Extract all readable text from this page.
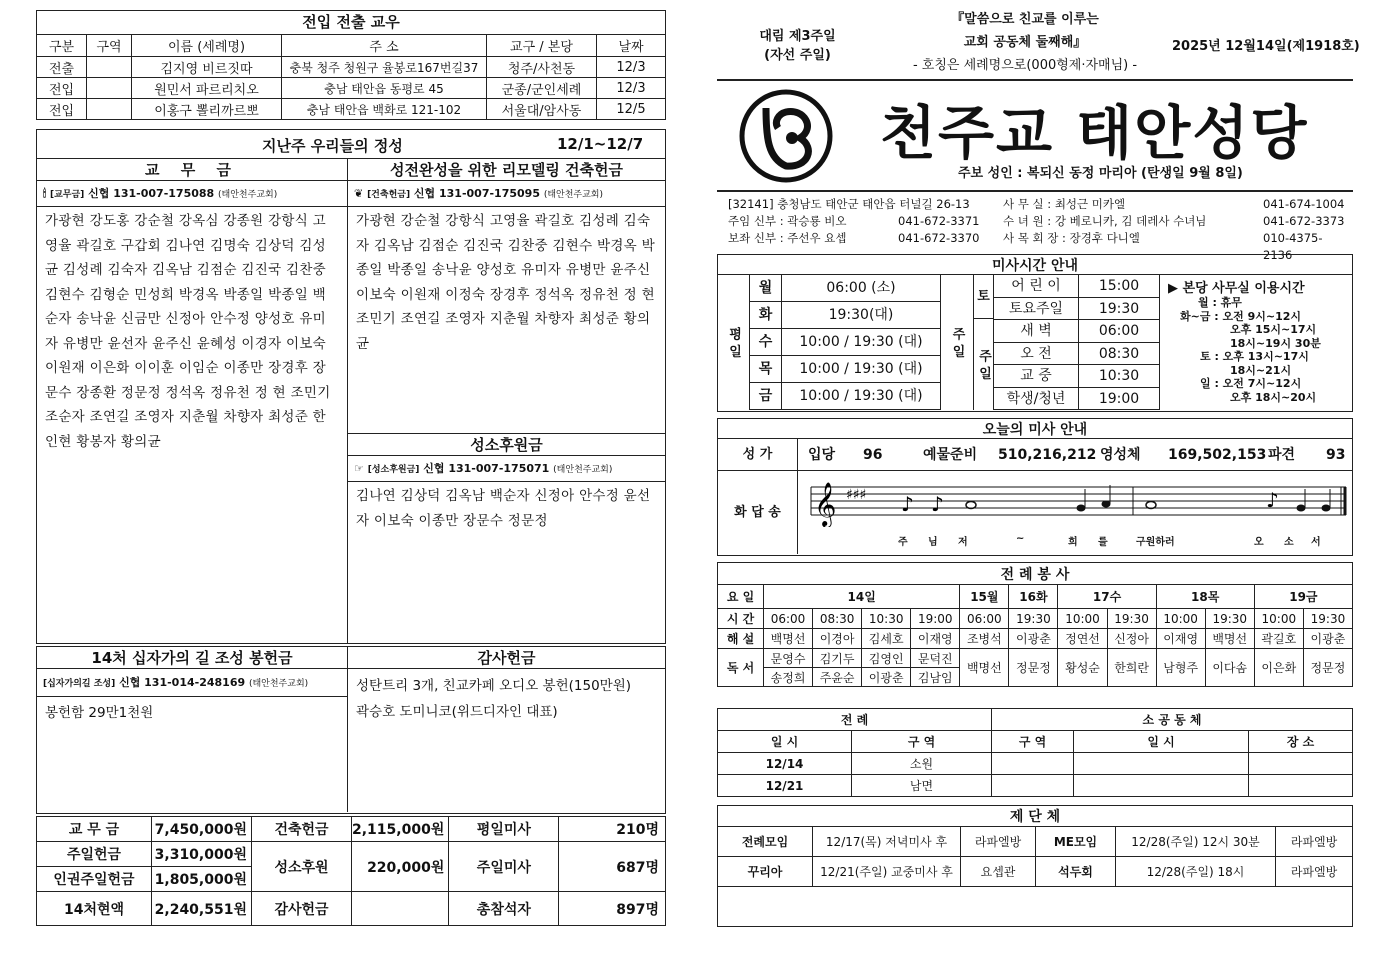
전입 전출 교우
구분	구역	이름 (세례명)	주 소	교구 / 본당	날짜
전출		김지영 비르짓따	충북 청주 청원구 율봉로167번길37	청주/사천동	12/3
전입		원민서 파르리치오	충남 태안읍 동평로 45	군종/군인세례	12/3
전입		이홍구 뽈리까르뽀	충남 태안읍 백화로 121-102	서울대/암사동	12/5
지난주 우리들의 정성	12/1~12/7
교 무 금
🕯 [교무금] 신협 131-007-175088 (태안천주교회)
가광현 강도홍 강순철 강옥심 강종원 강항식 고영율 곽길호 구갑회 김나연 김명숙 김상덕 김성균 김성례 김숙자 김옥남 김점순 김진국 김찬중 김현수 김형순 민성희 박경옥 박종일 박종일 백순자 송낙윤 신금만 신정아 안수정 양성호 유미자 유병만 윤선자 윤주신 윤혜성 이경자 이보숙 이원재 이은화 이이훈 이임순 이종만 장경후 장문수 장종환 정문정 정석옥 정유천 정 현 조민기 조순자 조연길 조영자 지춘월 차향자 최성준 한인현 황봉자 황의균
성전완성을 위한 리모델링 건축헌금
❦ [건축헌금] 신협 131-007-175095 (태안천주교회)
가광현 강순철 강항식 고영율 곽길호 김성례 김숙자 김옥남 김점순 김진국 김찬중 김현수 박경옥 박종일 박종일 송낙윤 양성호 유미자 유병만 윤주신 이보숙 이원재 이정숙 장경후 정석옥 정유천 정 현 조민기 조연길 조영자 지춘월 차향자 최성준 황의균
성소후원금
☞ [성소후원금] 신협 131-007-175071 (태안천주교회)
김나연 김상덕 김옥남 백순자 신정아 안수정 윤선자 이보숙 이종만 장문수 정문정
14처 십자가의 길 조성 봉헌금
[십자가의길 조성] 신협 131-014-248169 (태안천주교회)
봉헌함 29만1천원
감사헌금
성탄트리 3개, 친교카페 오디오 봉헌(150만원)
곽승호 도미니코(위드디자인 대표)
교 무 금	7,450,000원	건축헌금	2,115,000원	평일미사	210명
주일헌금	3,310,000원	성소후원	220,000원	주일미사	687명
인권주일헌금	1,805,000원				
14처현액	2,240,551원	감사헌금		총참석자	897명
대림 제3주일
(자선 주일)
『말씀으로 친교를 이루는
교회 공동체 둘째해』
- 호칭은 세례명으로(000형제·자매님) -
2025년 12월14일(제1918호)
천주교 태안성당
주보 성인 : 복되신 동정 마리아 (탄생일 9월 8일)
[32141] 충청남도 태안군 태안읍 터널길 26-13
주임 신부 : 곽승룡 비오	041-672-3371
보좌 신부 : 주선우 요셉	041-672-3370
사 무 실 : 최성근 미카엘	041-674-1004
수 녀 원 : 강 베로니카, 김 데레사 수녀님	041-672-3373
사 목 회 장 : 장경후 다니엘	010-4375-2136
미사시간 안내
평 일
월	06:00 (소)
화	19:30(대)
수	10:00 / 19:30 (대)
목	10:00 / 19:30 (대)
금	10:00 / 19:30 (대)
주 일
토
주 일
어 린 이	15:00
토요주일	19:30
새 벽	06:00
오 전	08:30
교 중	10:30
학생/청년	19:00
▶ 본당 사무실 이용시간
월 : 휴무
화~금 : 오전 9시~12시
오후 15시~17시
18시~19시 30분
토 : 오후 13시~17시
18시~21시
일 : 오전 7시~12시
오후 18시~20시
오늘의 미사 안내
성 가	입당 96	예물준비 510,216,212 영성체 169,502,153 파견 93
화 답 송 𝄞 ♯♯♯ ♪ ♪	♪
주 님 저	~	희 를	구원하러	오 소 서
전 례 봉 사												
요 일	14일				15월	16화	17수		18목		19금	
시 간	06:00	08:30	10:30	19:00	06:00	19:30	10:00	19:30	10:00	19:30	10:00	19:30
해 설	백명선	이경아	김세호	이재영	조병석	이광춘	정연선	신정아	이재영	백명선	곽길호	이광춘
독 서	문영수	김기두	김영인	문덕진	백명선	정문정	황성순	한희란	남형주	이다솜	이은화	정문정
	송정희	주윤순	이광춘	김남임								
전 례		소 공 동 체		
일 시	구 역	구 역	일 시	장 소
12/14	소원			
12/21	남면			
제 단 체					
전례모임	12/17(목) 저녁미사 후	라파엘방	ME모임	12/28(주일) 12시 30분	라파엘방
꾸리아	12/21(주일) 교중미사 후	요셉관	석두회	12/28(주일) 18시	라파엘방
